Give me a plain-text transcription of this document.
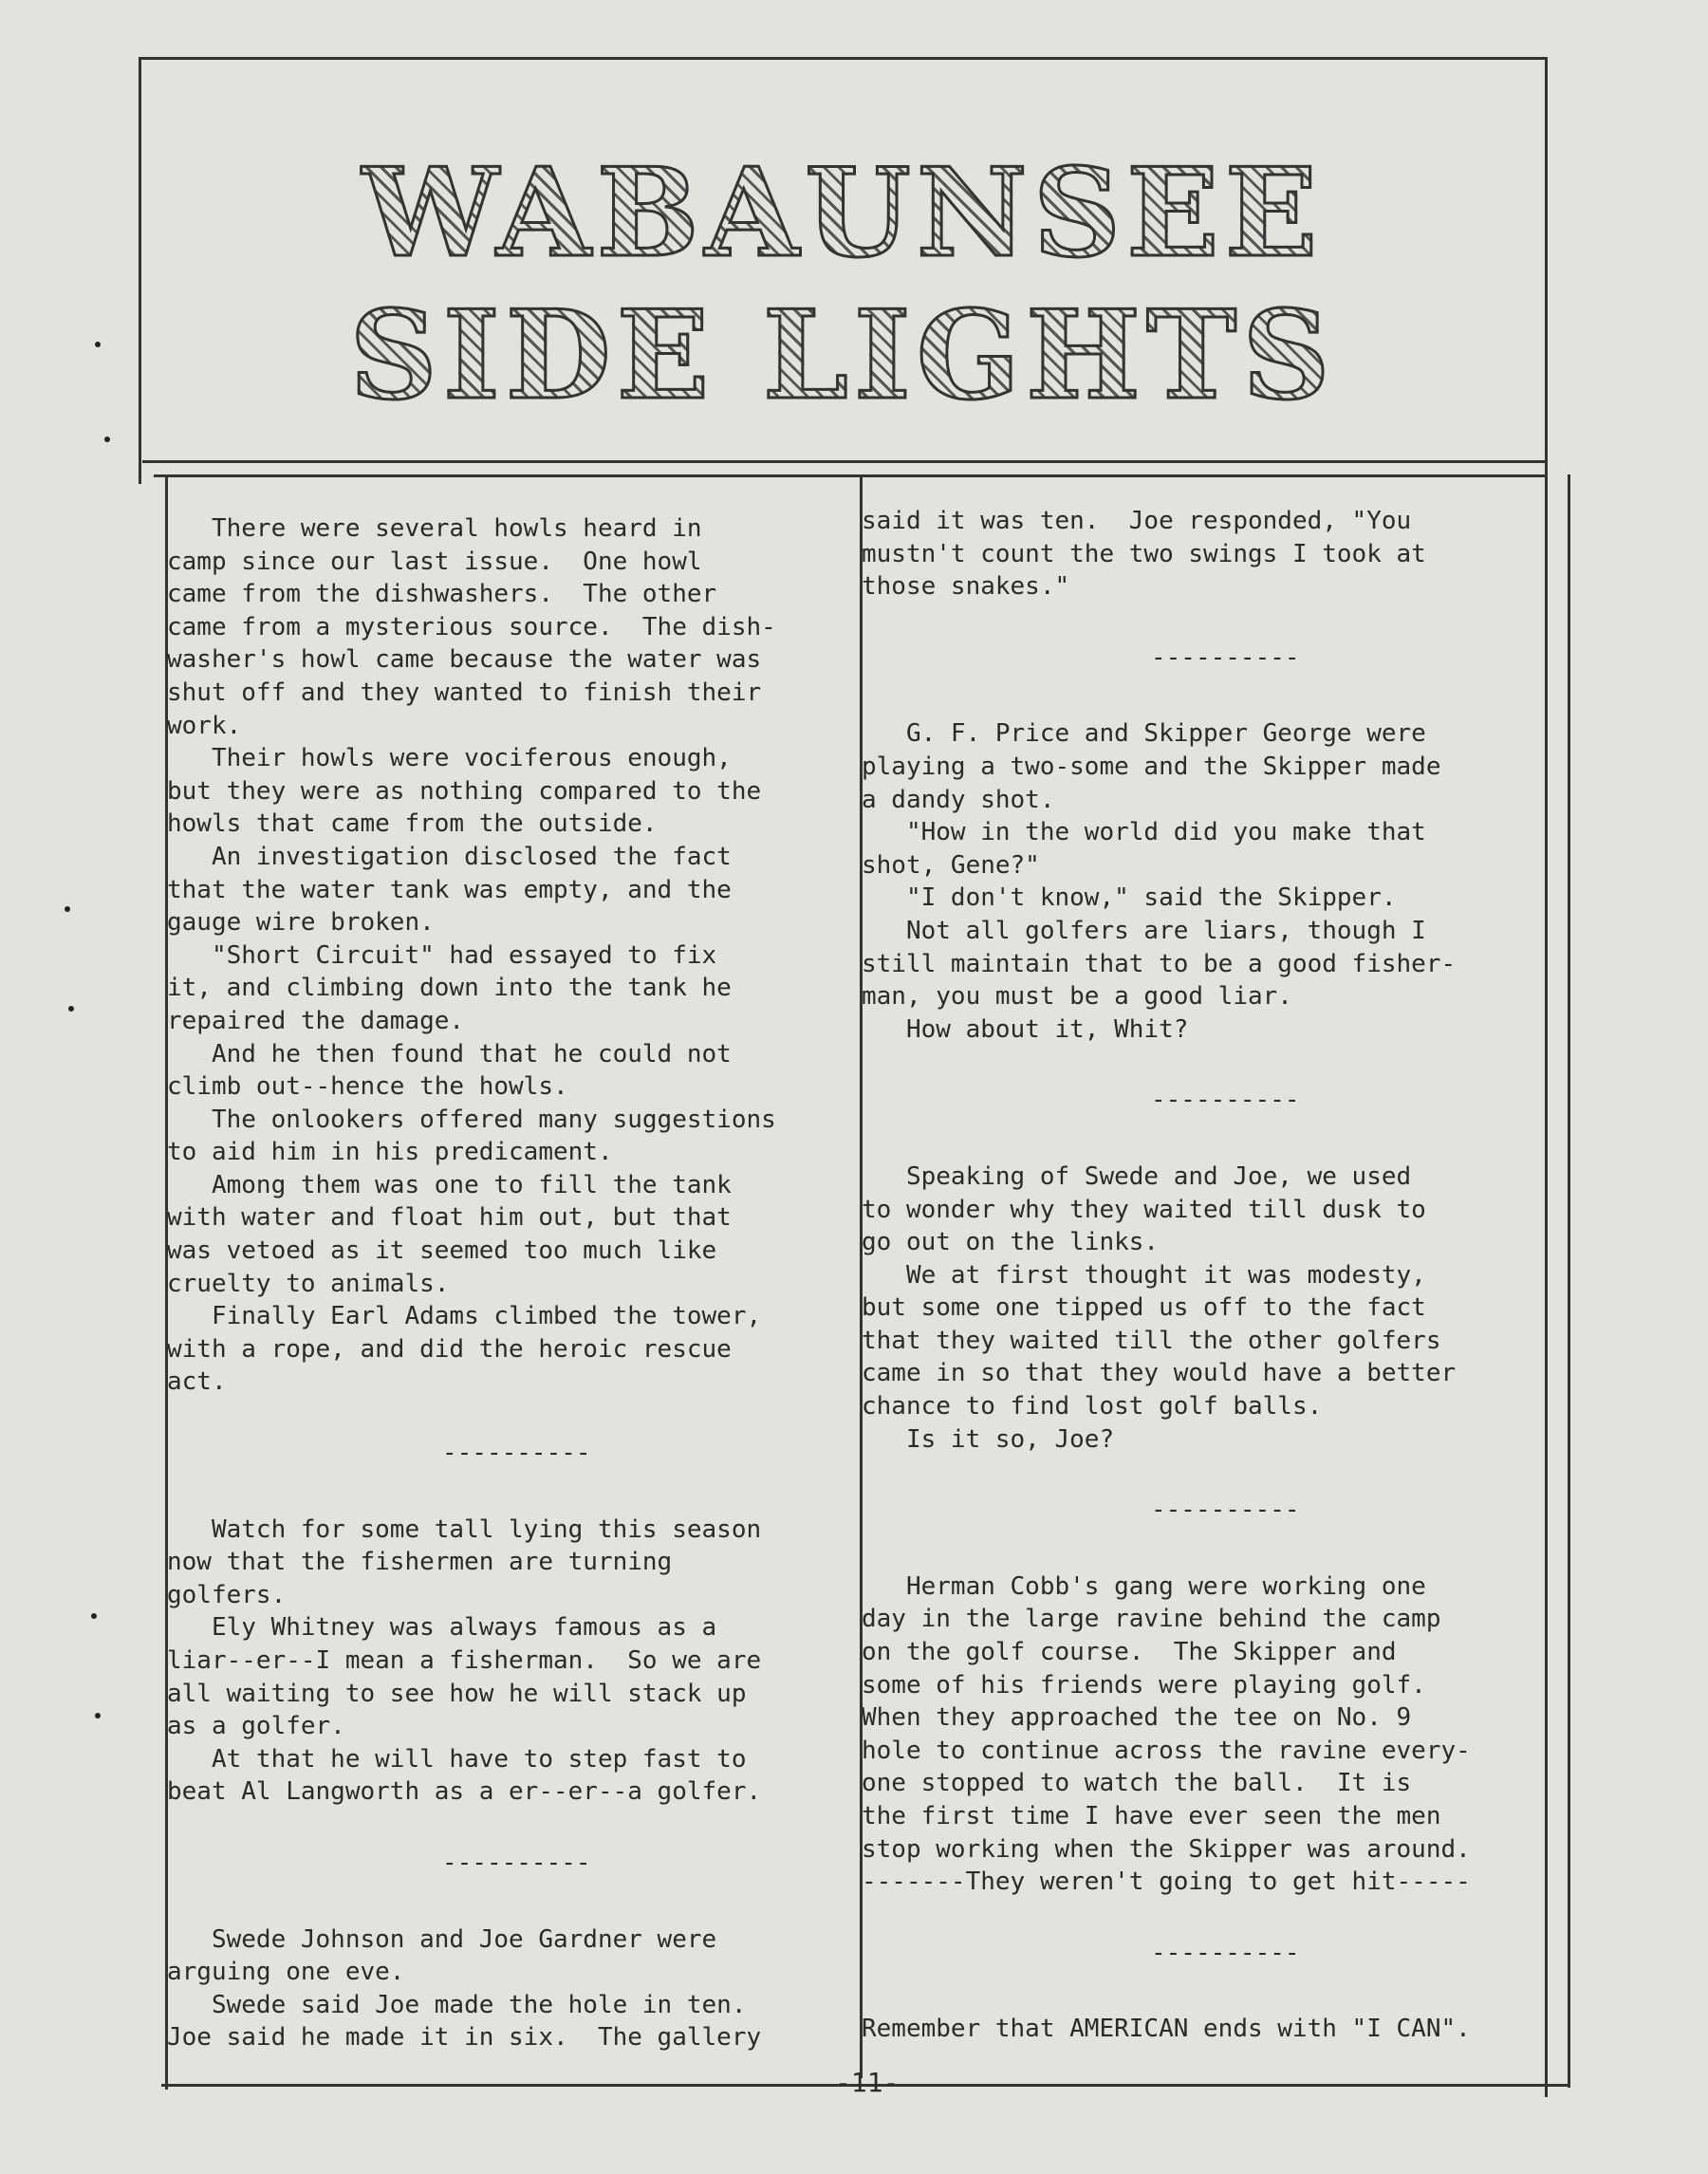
WABAUNSEE
SIDE LIGHTS

There were several howls heard in

camp since our last issue.  One howl

came from the dishwashers.  The other

came from a mysterious source.  The dish-

washer's howl came because the water was

shut off and they wanted to finish their

work.

Their howls were vociferous enough,

but they were as nothing compared to the

howls that came from the outside.

An investigation disclosed the fact

that the water tank was empty, and the

gauge wire broken.

"Short Circuit" had essayed to fix

it, and climbing down into the tank he

repaired the damage.

And he then found that he could not

climb out--hence the howls.

The onlookers offered many suggestions

to aid him in his predicament.

Among them was one to fill the tank

with water and float him out, but that

was vetoed as it seemed too much like

cruelty to animals.

Finally Earl Adams climbed the tower,

with a rope, and did the heroic rescue

act.

----------

Watch for some tall lying this season

now that the fishermen are turning

golfers.

Ely Whitney was always famous as a

liar--er--I mean a fisherman.  So we are

all waiting to see how he will stack up

as a golfer.

At that he will have to step fast to

beat Al Langworth as a er--er--a golfer.

----------

Swede Johnson and Joe Gardner were

arguing one eve.

Swede said Joe made the hole in ten.

Joe said he made it in six.  The gallery

said it was ten.  Joe responded, "You

mustn't count the two swings I took at

those snakes."

----------

G. F. Price and Skipper George were

playing a two-some and the Skipper made

a dandy shot.

"How in the world did you make that

shot, Gene?"

"I don't know," said the Skipper.

Not all golfers are liars, though I

still maintain that to be a good fisher-

man, you must be a good liar.

How about it, Whit?

----------

Speaking of Swede and Joe, we used

to wonder why they waited till dusk to

go out on the links.

We at first thought it was modesty,

but some one tipped us off to the fact

that they waited till the other golfers

came in so that they would have a better

chance to find lost golf balls.

Is it so, Joe?

----------

Herman Cobb's gang were working one

day in the large ravine behind the camp

on the golf course.  The Skipper and

some of his friends were playing golf.

When they approached the tee on No. 9

hole to continue across the ravine every-

one stopped to watch the ball.  It is

the first time I have ever seen the men

stop working when the Skipper was around.

-------They weren't going to get hit-----

----------

Remember that AMERICAN ends with "I CAN".

-11-
